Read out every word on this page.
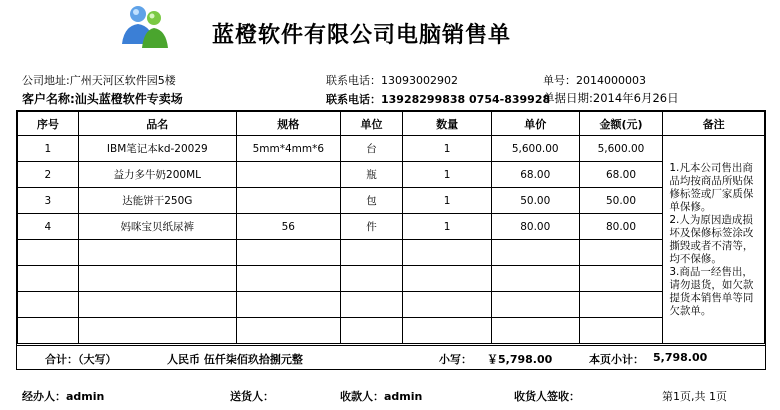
蓝橙软件有限公司电脑销售单
公司地址:广州天河区软件园5楼	联系电话：13093002902	单号：2014000003
客户名称:汕头蓝橙软件专卖场	联系电话：13928299838 0754-839928
单据日期:2014年6月26日
序号	品名	规格	单位	数量	单价	金额(元)	备注
1	IBM笔记本kd-20029	5mm*4mm*6	台	1	5,600.00	5,600.00	1.凡本公司售出商品均按商品所贴保修标签或厂家质保单保修。
2.人为原因造成损坏及保修标签涂改撕毁或者不清等，均不保修。
3.商品一经售出，请勿退货，如欠款提货本销售单等同欠款单。

2	益力多牛奶200ML		瓶	1	68.00	68.00	
3	达能饼干250G		包	1	50.00	50.00	
4	妈咪宝贝纸尿裤	56	件	1	80.00	80.00	

合计：（大写）	人民币 伍仟柒佰玖拾捌元整	小写： ￥5,798.00	本页小计： 5,798.00
经办人：admin	送货人：	收款人：admin	收货人签收：	第1页,共 1页
